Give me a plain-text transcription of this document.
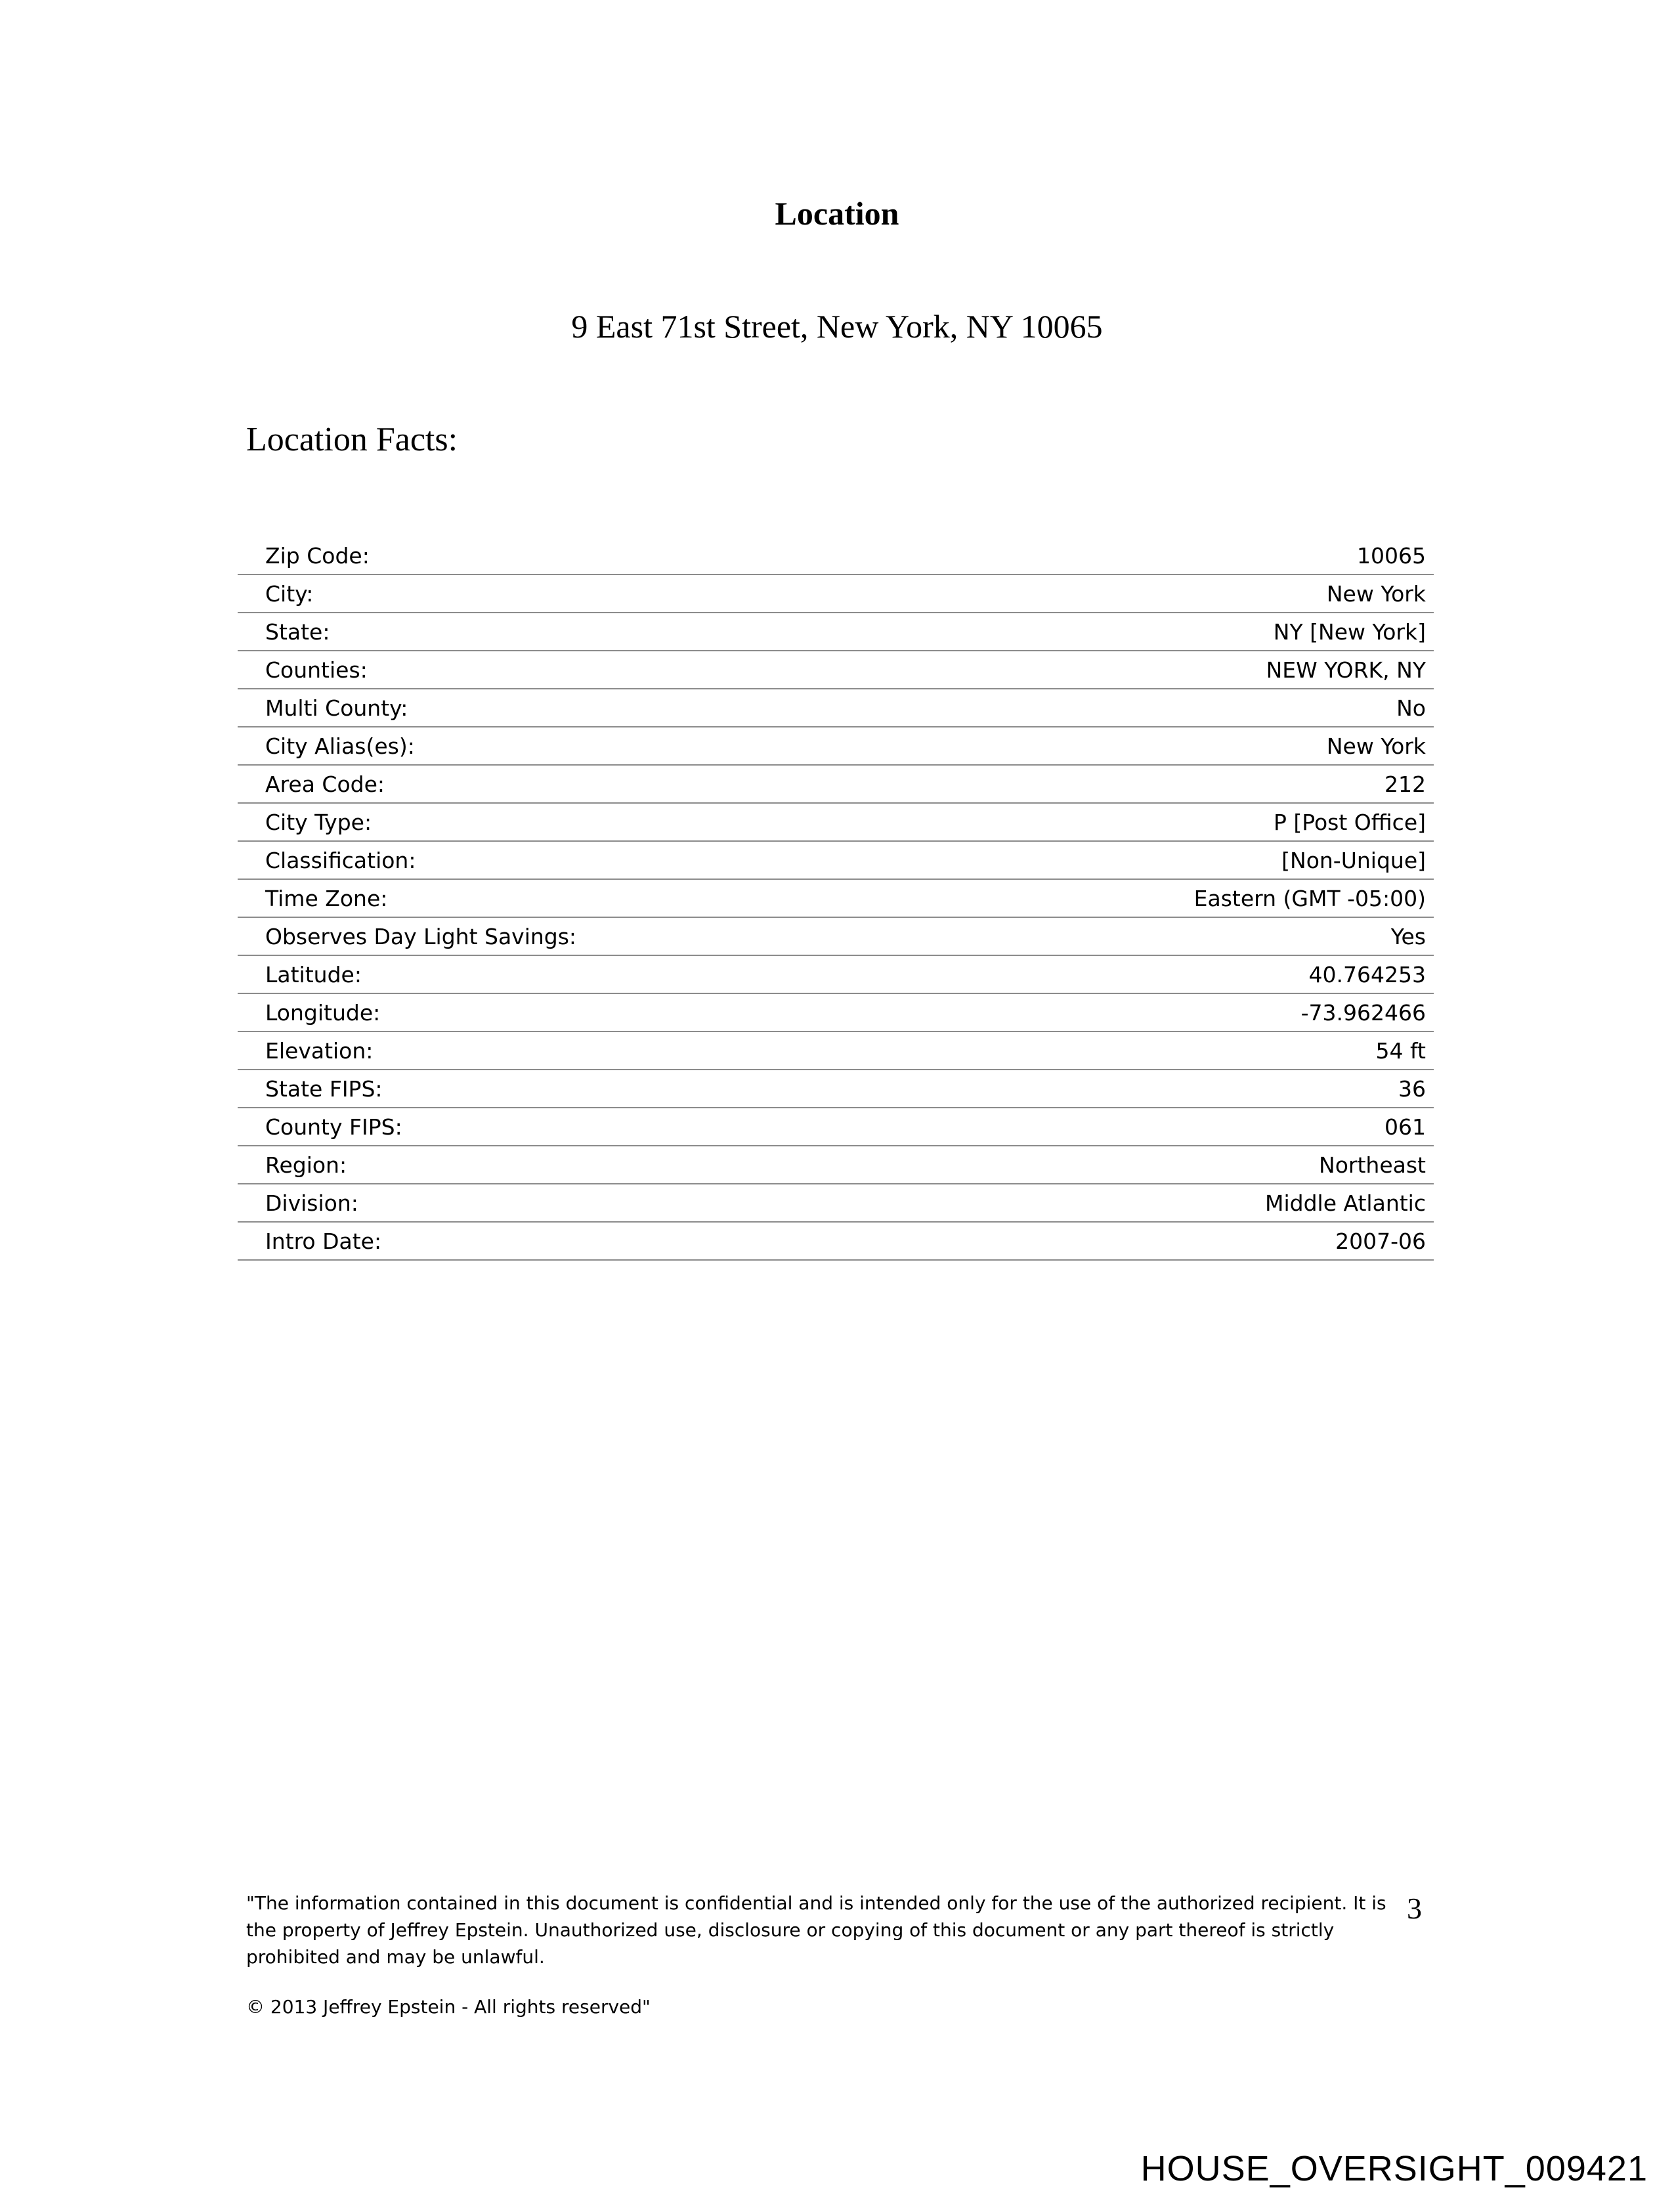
Location
9 East 71st Street, New York, NY 10065
Location Facts:
Zip Code:	10065
City:	New York
State:	NY [New York]
Counties:	NEW YORK, NY
Multi County:	No
City Alias(es):	New York
Area Code:	212
City Type:	P [Post Office]
Classification:	[Non-Unique]
Time Zone:	Eastern (GMT -05:00)
Observes Day Light Savings:	Yes
Latitude:	40.764253
Longitude:	-73.962466
Elevation:	54 ft
State FIPS:	36
County FIPS:	061
Region:	Northeast
Division:	Middle Atlantic
Intro Date:	2007-06
"The information contained in this document is confidential and is intended only for the use of the authorized recipient. It is the property of Jeffrey Epstein. Unauthorized use, disclosure or copying of this document or any part thereof is strictly prohibited and may be unlawful.
© 2013 Jeffrey Epstein - All rights reserved"
3
HOUSE_OVERSIGHT_009421
